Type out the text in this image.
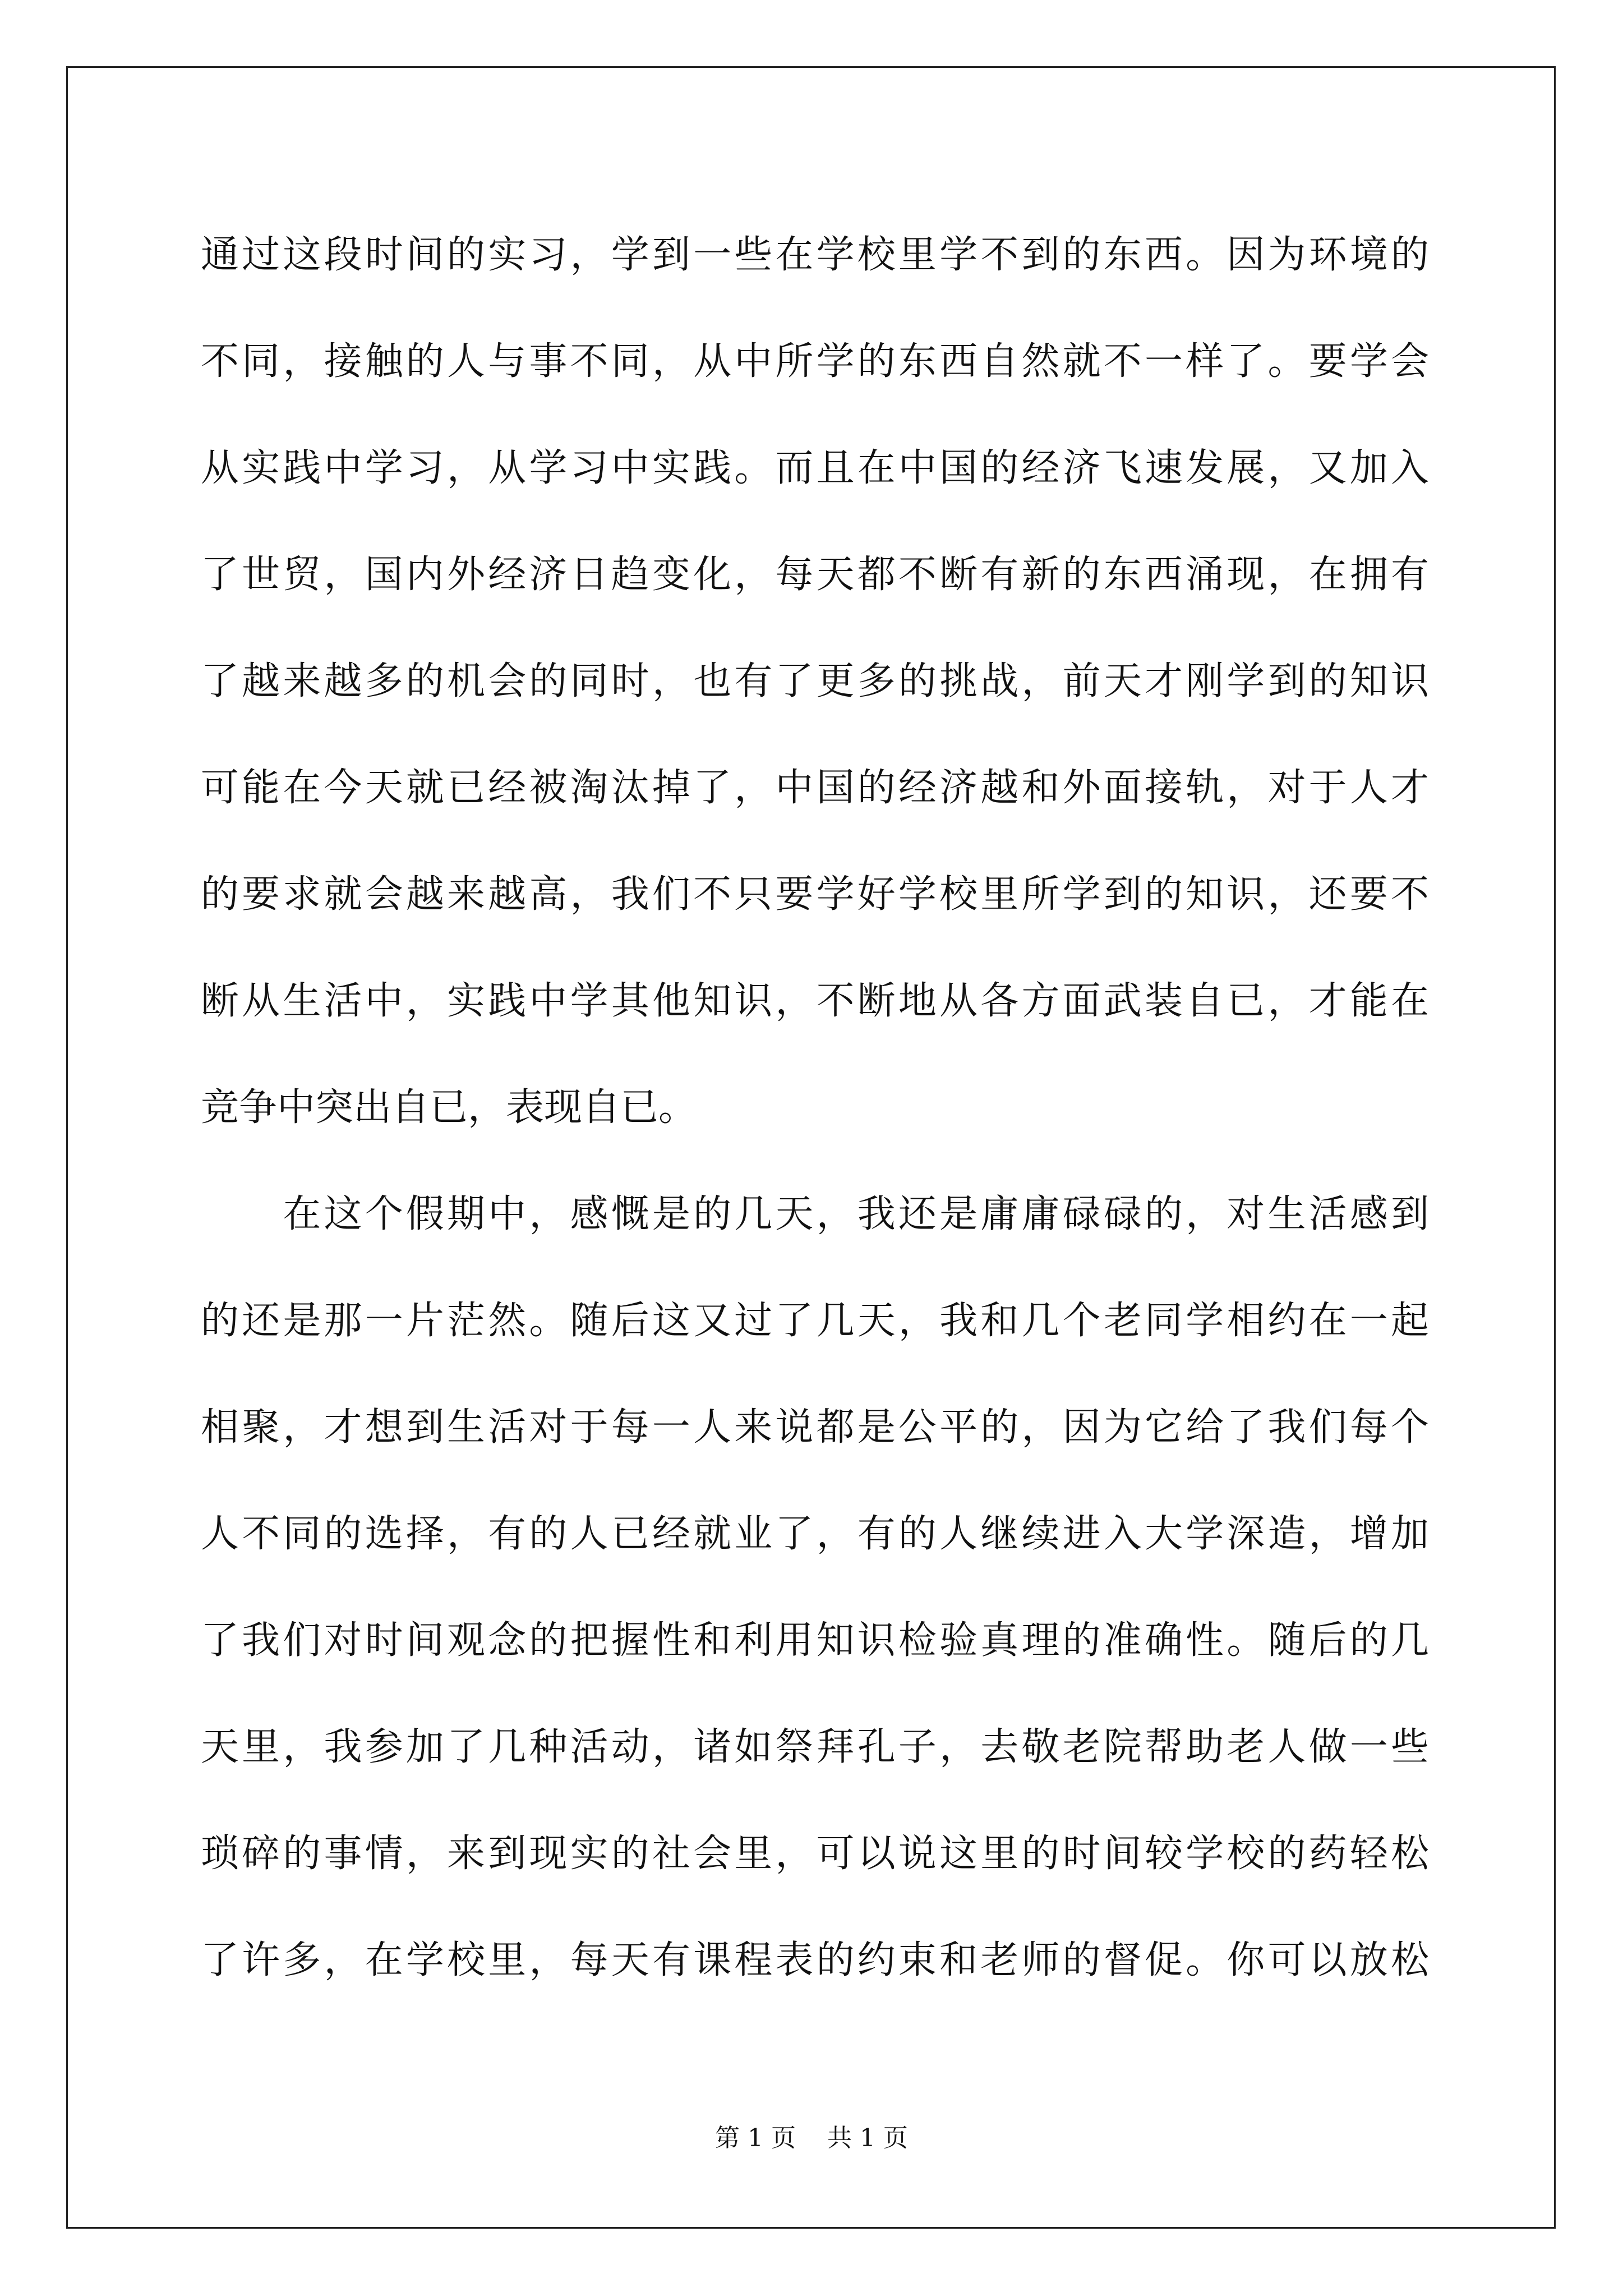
通过这段时间的实习，学到一些在学校里学不到的东西。因为环境的
不同，接触的人与事不同，从中所学的东西自然就不一样了。要学会
从实践中学习，从学习中实践。而且在中国的经济飞速发展，又加入
了世贸，国内外经济日趋变化，每天都不断有新的东西涌现，在拥有
了越来越多的机会的同时，也有了更多的挑战，前天才刚学到的知识
可能在今天就已经被淘汰掉了，中国的经济越和外面接轨，对于人才
的要求就会越来越高，我们不只要学好学校里所学到的知识，还要不
断从生活中，实践中学其他知识，不断地从各方面武装自已，才能在
竞争中突出自已，表现自已。
　　在这个假期中，感慨是的几天，我还是庸庸碌碌的，对生活感到
的还是那一片茫然。随后这又过了几天，我和几个老同学相约在一起
相聚，才想到生活对于每一人来说都是公平的，因为它给了我们每个
人不同的选择，有的人已经就业了，有的人继续进入大学深造，增加
了我们对时间观念的把握性和利用知识检验真理的准确性。随后的几
天里，我参加了几种活动，诸如祭拜孔子，去敬老院帮助老人做一些
琐碎的事情，来到现实的社会里，可以说这里的时间较学校的药轻松
了许多，在学校里，每天有课程表的约束和老师的督促。你可以放松
第 1 页 共 1 页
